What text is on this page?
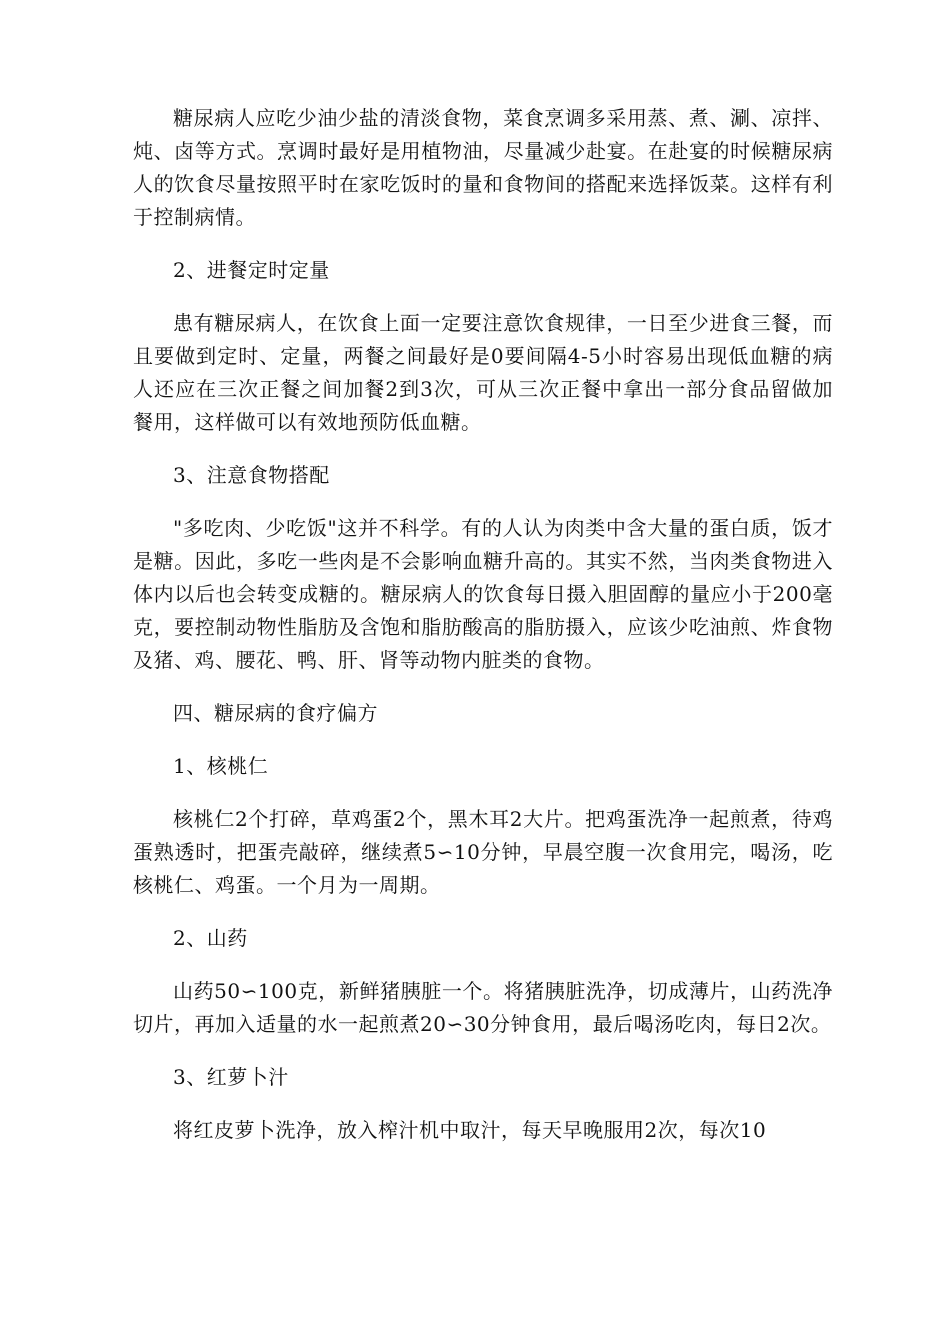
糖尿病人应吃少油少盐的清淡食物，菜食烹调多采用蒸、煮、涮、凉拌、炖、卤等方式。烹调时最好是用植物油，尽量减少赴宴。在赴宴的时候糖尿病人的饮食尽量按照平时在家吃饭时的量和食物间的搭配来选择饭菜。这样有利于控制病情。

2、进餐定时定量

患有糖尿病人，在饮食上面一定要注意饮食规律，一日至少进食三餐，而且要做到定时、定量，两餐之间最好是0要间隔4-5小时容易出现低血糖的病人还应在三次正餐之间加餐2到3次，可从三次正餐中拿出一部分食品留做加餐用，这样做可以有效地预防低血糖。

3、注意食物搭配

"多吃肉、少吃饭"这并不科学。有的人认为肉类中含大量的蛋白质，饭才是糖。因此，多吃一些肉是不会影响血糖升高的。其实不然，当肉类食物进入体内以后也会转变成糖的。糖尿病人的饮食每日摄入胆固醇的量应小于200毫克，要控制动物性脂肪及含饱和脂肪酸高的脂肪摄入，应该少吃油煎、炸食物及猪、鸡、腰花、鸭、肝、肾等动物内脏类的食物。

四、糖尿病的食疗偏方

1、核桃仁

核桃仁2个打碎，草鸡蛋2个，黑木耳2大片。把鸡蛋洗净一起煎煮，待鸡蛋熟透时，把蛋壳敲碎，继续煮5∽10分钟，早晨空腹一次食用完，喝汤，吃核桃仁、鸡蛋。一个月为一周期。

2、山药

山药50∽100克，新鲜猪胰脏一个。将猪胰脏洗净，切成薄片，山药洗净切片，再加入适量的水一起煎煮20∽30分钟食用，最后喝汤吃肉，每日2次。

3、红萝卜汁

将红皮萝卜洗净，放入榨汁机中取汁，每天早晚服用2次，每次10
